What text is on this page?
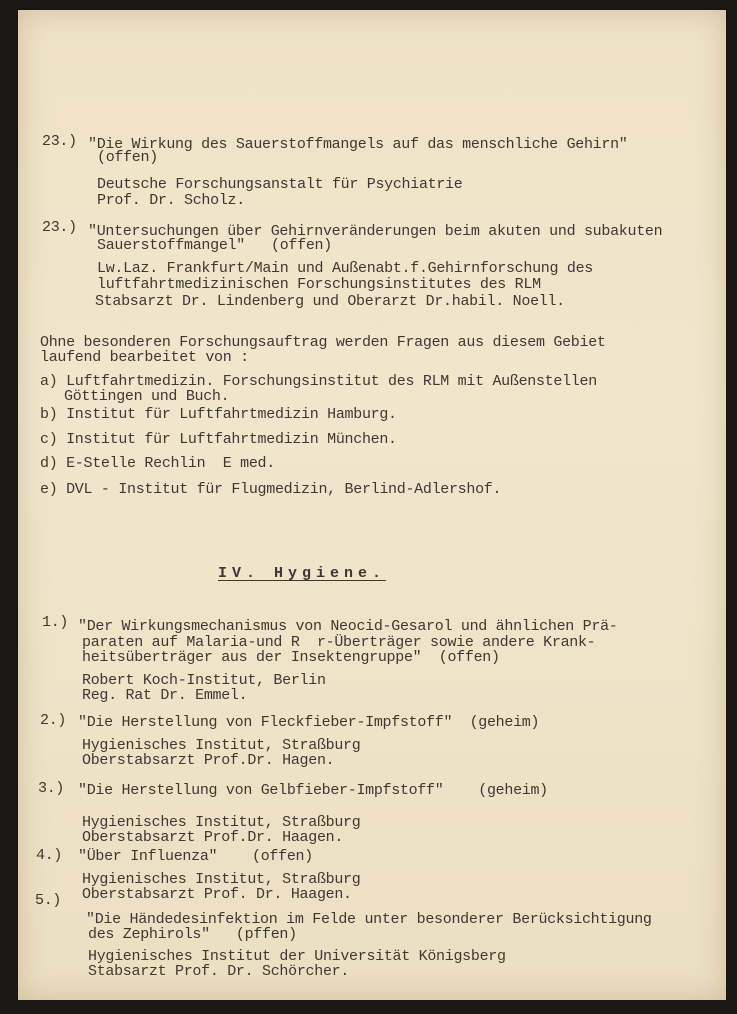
23.) "Die Wirkung des Sauerstoffmangels auf das menschliche Gehirn"
(offen)
Deutsche Forschungsanstalt für Psychiatrie
Prof. Dr. Scholz.
23.) "Untersuchungen über Gehirnveränderungen beim akuten und subakuten
Sauerstoffmangel"   (offen)
Lw.Laz. Frankfurt/Main und Außenabt.f.Gehirnforschung des
luftfahrtmedizinischen Forschungsinstitutes des RLM
Stabsarzt Dr. Lindenberg und Oberarzt Dr.habil. Noell.
Ohne besonderen Forschungsauftrag werden Fragen aus diesem Gebiet
laufend bearbeitet von :
a) Luftfahrtmedizin. Forschungsinstitut des RLM mit Außenstellen
Göttingen und Buch.
b) Institut für Luftfahrtmedizin Hamburg.
c) Institut für Luftfahrtmedizin München.
d) E-Stelle Rechlin  E med.
e) DVL - Institut für Flugmedizin, Berlind-Adlershof.
IV. Hygiene.
1.) "Der Wirkungsmechanismus von Neocid-Gesarol und ähnlichen Prä-
paraten auf Malaria-und R  r-Überträger sowie andere Krank-
heitsüberträger aus der Insektengruppe"  (offen)
Robert Koch-Institut, Berlin
Reg. Rat Dr. Emmel.
2.) "Die Herstellung von Fleckfieber-Impfstoff"  (geheim)
Hygienisches Institut, Straßburg
Oberstabsarzt Prof.Dr. Hagen.
3.) "Die Herstellung von Gelbfieber-Impfstoff"    (geheim)
Hygienisches Institut, Straßburg
Oberstabsarzt Prof.Dr. Haagen.
4.) "Über Influenza"    (offen)
Hygienisches Institut, Straßburg
Oberstabsarzt Prof. Dr. Haagen.
5.)
"Die Händedesinfektion im Felde unter besonderer Berücksichtigung
des Zephirols"   (pffen)
Hygienisches Institut der Universität Königsberg
Stabsarzt Prof. Dr. Schörcher.
